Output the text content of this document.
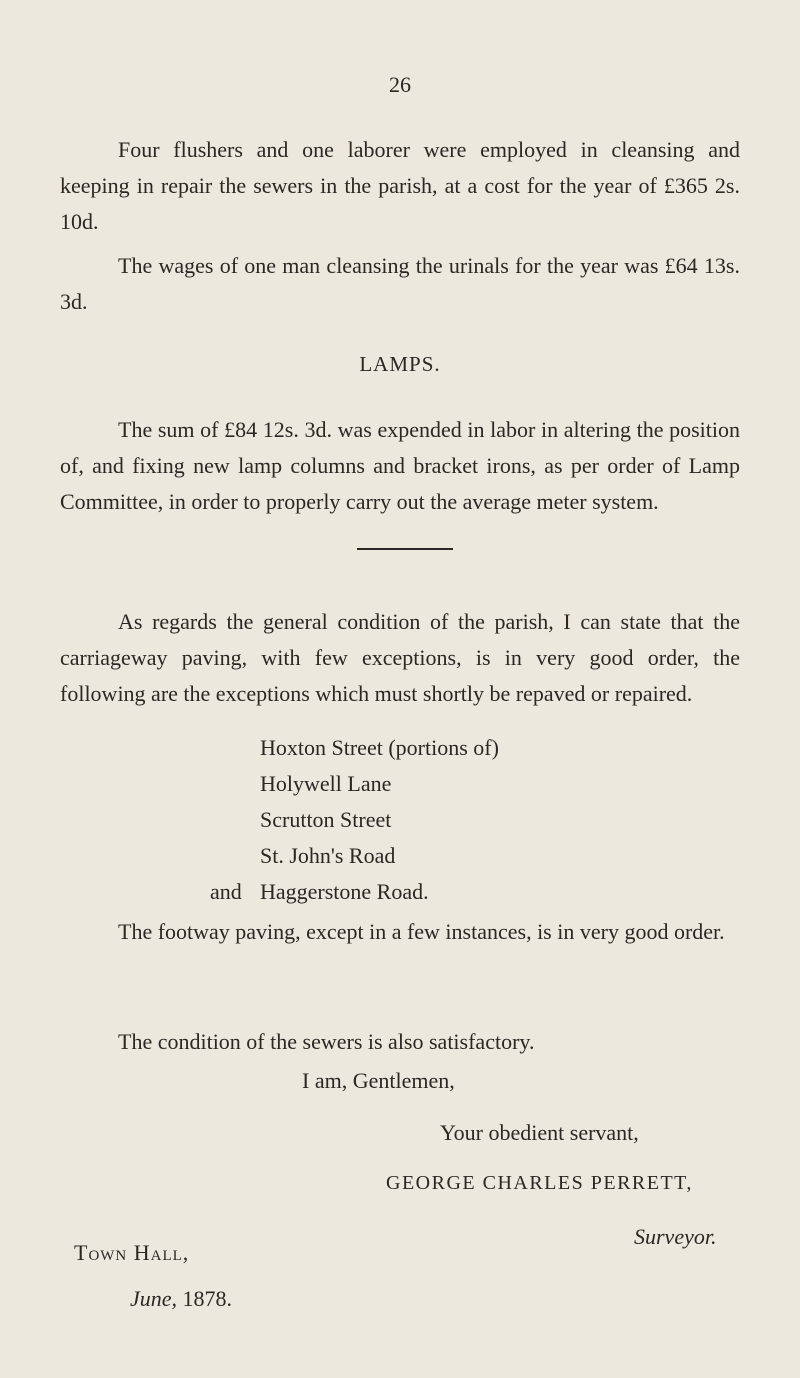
26

Four flushers and one laborer were employed in cleansing and keeping in repair the sewers in the parish, at a cost for the year of £365 2s. 10d.

The wages of one man cleansing the urinals for the year was £64 13s. 3d.

LAMPS.

The sum of £84 12s. 3d. was expended in labor in altering the position of, and fixing new lamp columns and bracket irons, as per order of Lamp Committee, in order to properly carry out the average meter system.

As regards the general condition of the parish, I can state that the carriageway paving, with few exceptions, is in very good order, the following are the exceptions which must shortly be repaved or repaired.

Hoxton Street (portions of)
Holywell Lane
Scrutton Street
St. John's Road
and Haggerstone Road.

The footway paving, except in a few instances, is in very good order.

The condition of the sewers is also satisfactory.

I am, Gentlemen,
Your obedient servant,
GEORGE CHARLES PERRETT,
Surveyor.
Town Hall,
June, 1878.
